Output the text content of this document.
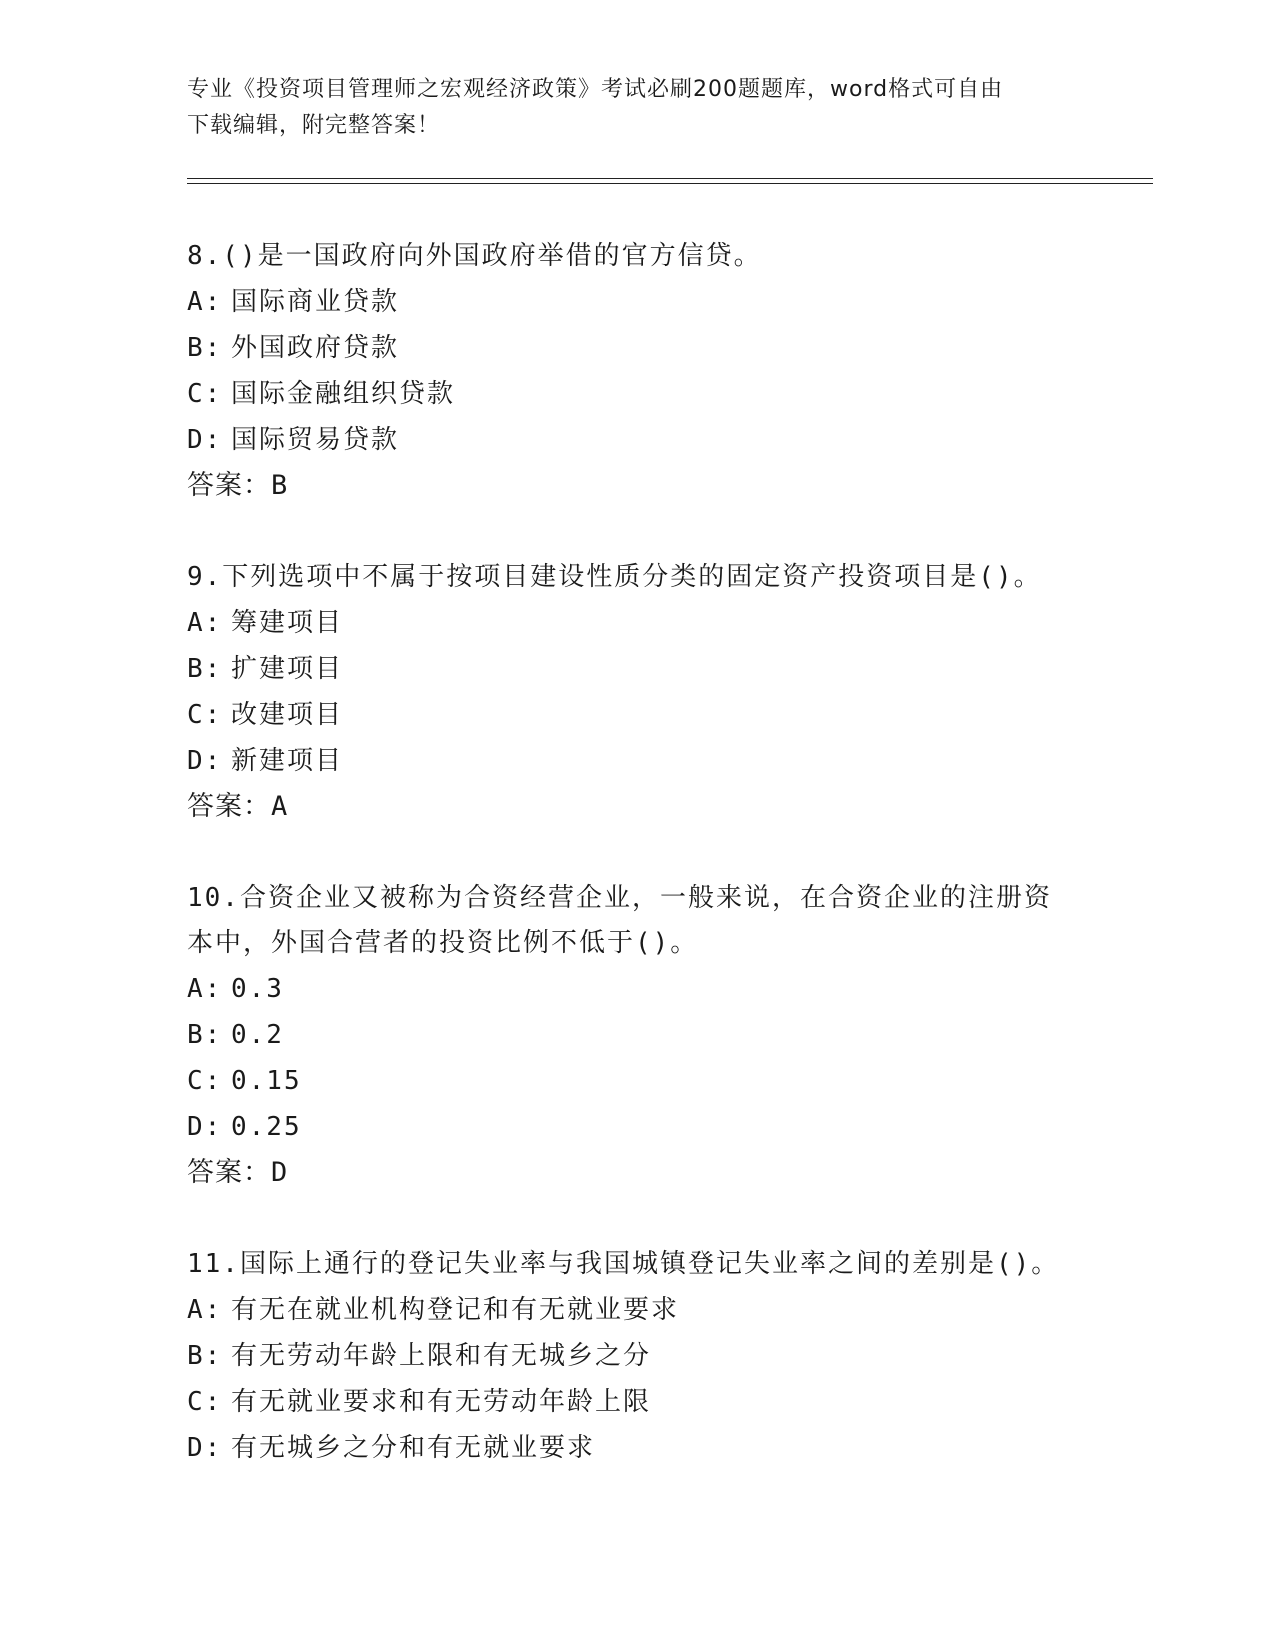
专业《投资项目管理师之宏观经济政策》考试必刷200题题库，word格式可自由
下载编辑，附完整答案！

8.()是一国政府向外国政府举借的官方信贷。

A: 国际商业贷款

B: 外国政府贷款

C: 国际金融组织贷款

D: 国际贸易贷款

答案：B

9.下列选项中不属于按项目建设性质分类的固定资产投资项目是()。

A: 筹建项目

B: 扩建项目

C: 改建项目

D: 新建项目

答案：A

10.合资企业又被称为合资经营企业，一般来说，在合资企业的注册资

本中，外国合营者的投资比例不低于()。

A: 0.3

B: 0.2

C: 0.15

D: 0.25

答案：D

11.国际上通行的登记失业率与我国城镇登记失业率之间的差别是()。

A: 有无在就业机构登记和有无就业要求

B: 有无劳动年龄上限和有无城乡之分

C: 有无就业要求和有无劳动年龄上限

D: 有无城乡之分和有无就业要求
